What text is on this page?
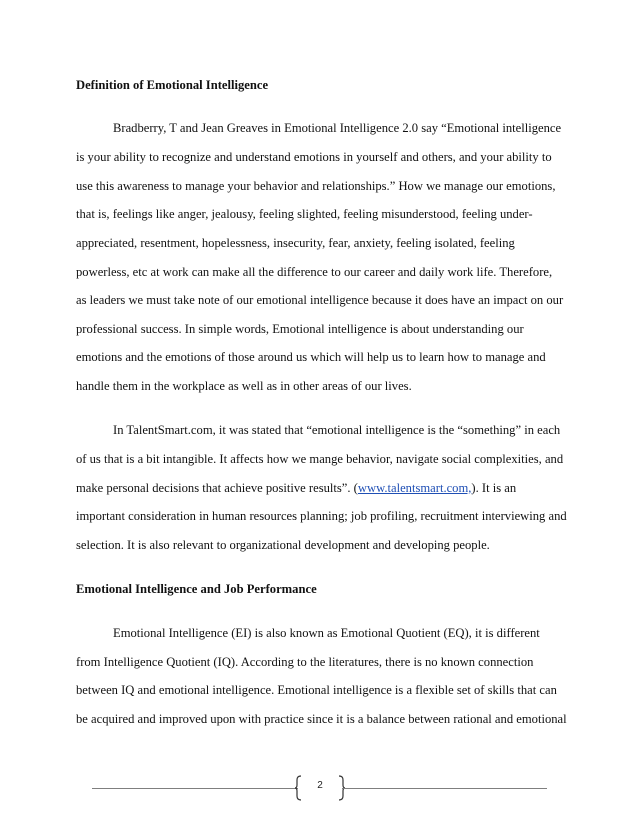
Definition of Emotional Intelligence

Bradberry, T and Jean Greaves in Emotional Intelligence 2.0 say “Emotional intelligence

is your ability to recognize and understand emotions in yourself and others, and your ability to

use this awareness to manage your behavior and relationships.” How we manage our emotions,

that is, feelings like anger, jealousy, feeling slighted, feeling misunderstood, feeling under-

appreciated, resentment, hopelessness, insecurity, fear, anxiety, feeling isolated, feeling

powerless, etc at work can make all the difference to our career and daily work life. Therefore,

as leaders we must take note of our emotional intelligence because it does have an impact on our

professional success. In simple words, Emotional intelligence is about understanding our

emotions and the emotions of those around us which will help us to learn how to manage and

handle them in the workplace as well as in other areas of our lives.

In TalentSmart.com, it was stated that “emotional intelligence is the “something” in each

of us that is a bit intangible. It affects how we mange behavior, navigate social complexities, and

make personal decisions that achieve positive results”. (www.talentsmart.com,). It is an

important consideration in human resources planning; job profiling, recruitment interviewing and

selection. It is also relevant to organizational development and developing people.

Emotional Intelligence and Job Performance

Emotional Intelligence (EI) is also known as Emotional Quotient (EQ), it is different

from Intelligence Quotient (IQ). According to the literatures, there is no known connection

between IQ and emotional intelligence. Emotional intelligence is a flexible set of skills that can

be acquired and improved upon with practice since it is a balance between rational and emotional

2
